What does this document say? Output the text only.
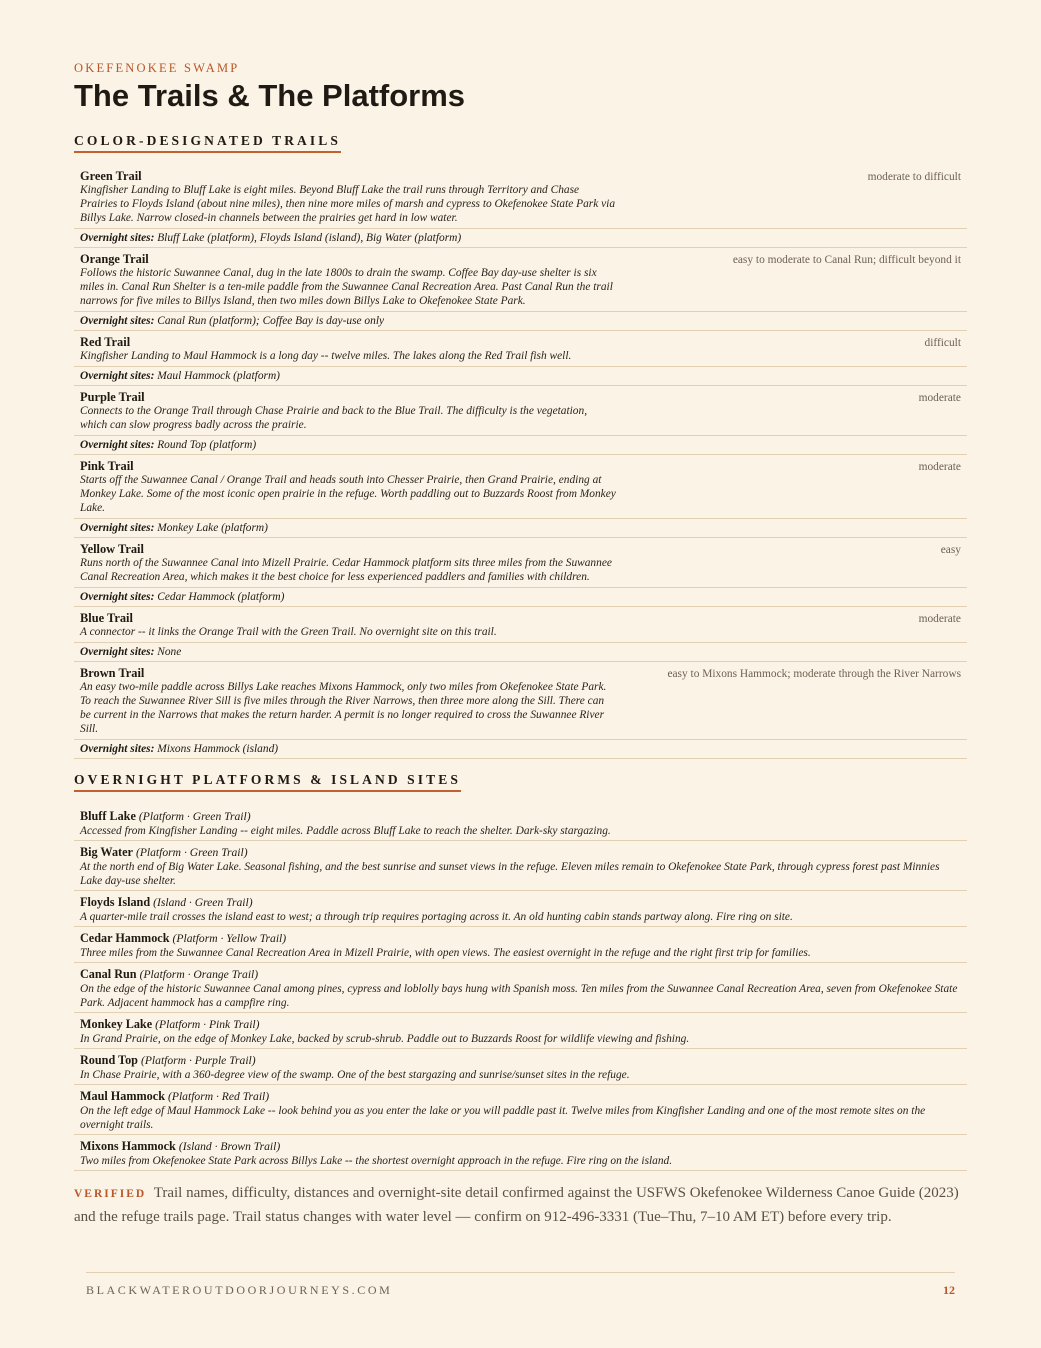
OKEFENOKEE SWAMP
The Trails & The Platforms
COLOR-DESIGNATED TRAILS
Green Trail	moderate to difficult
Kingfisher Landing to Bluff Lake is eight miles. Beyond Bluff Lake the trail runs through Territory and Chase Prairies to Floyds Island (about nine miles), then nine more miles of marsh and cypress to Okefenokee State Park via Billys Lake. Narrow closed-in channels between the prairies get hard in low water.
Overnight sites: Bluff Lake (platform), Floyds Island (island), Big Water (platform)
Orange Trail	easy to moderate to Canal Run; difficult beyond it
Follows the historic Suwannee Canal, dug in the late 1800s to drain the swamp. Coffee Bay day-use shelter is six miles in. Canal Run Shelter is a ten-mile paddle from the Suwannee Canal Recreation Area. Past Canal Run the trail narrows for five miles to Billys Island, then two miles down Billys Lake to Okefenokee State Park.
Overnight sites: Canal Run (platform); Coffee Bay is day-use only
Red Trail	difficult
Kingfisher Landing to Maul Hammock is a long day -- twelve miles. The lakes along the Red Trail fish well.
Overnight sites: Maul Hammock (platform)
Purple Trail	moderate
Connects to the Orange Trail through Chase Prairie and back to the Blue Trail. The difficulty is the vegetation, which can slow progress badly across the prairie.
Overnight sites: Round Top (platform)
Pink Trail	moderate
Starts off the Suwannee Canal / Orange Trail and heads south into Chesser Prairie, then Grand Prairie, ending at Monkey Lake. Some of the most iconic open prairie in the refuge. Worth paddling out to Buzzards Roost from Monkey Lake.
Overnight sites: Monkey Lake (platform)
Yellow Trail	easy
Runs north of the Suwannee Canal into Mizell Prairie. Cedar Hammock platform sits three miles from the Suwannee Canal Recreation Area, which makes it the best choice for less experienced paddlers and families with children.
Overnight sites: Cedar Hammock (platform)
Blue Trail	moderate
A connector -- it links the Orange Trail with the Green Trail. No overnight site on this trail.
Overnight sites: None
Brown Trail	easy to Mixons Hammock; moderate through the River Narrows
An easy two-mile paddle across Billys Lake reaches Mixons Hammock, only two miles from Okefenokee State Park. To reach the Suwannee River Sill is five miles through the River Narrows, then three more along the Sill. There can be current in the Narrows that makes the return harder. A permit is no longer required to cross the Suwannee River Sill.
Overnight sites: Mixons Hammock (island)
OVERNIGHT PLATFORMS & ISLAND SITES
Bluff Lake (Platform · Green Trail)
Accessed from Kingfisher Landing -- eight miles. Paddle across Bluff Lake to reach the shelter. Dark-sky stargazing.
Big Water (Platform · Green Trail)
At the north end of Big Water Lake. Seasonal fishing, and the best sunrise and sunset views in the refuge. Eleven miles remain to Okefenokee State Park, through cypress forest past Minnies Lake day-use shelter.
Floyds Island (Island · Green Trail)
A quarter-mile trail crosses the island east to west; a through trip requires portaging across it. An old hunting cabin stands partway along. Fire ring on site.
Cedar Hammock (Platform · Yellow Trail)
Three miles from the Suwannee Canal Recreation Area in Mizell Prairie, with open views. The easiest overnight in the refuge and the right first trip for families.
Canal Run (Platform · Orange Trail)
On the edge of the historic Suwannee Canal among pines, cypress and loblolly bays hung with Spanish moss. Ten miles from the Suwannee Canal Recreation Area, seven from Okefenokee State Park. Adjacent hammock has a campfire ring.
Monkey Lake (Platform · Pink Trail)
In Grand Prairie, on the edge of Monkey Lake, backed by scrub-shrub. Paddle out to Buzzards Roost for wildlife viewing and fishing.
Round Top (Platform · Purple Trail)
In Chase Prairie, with a 360-degree view of the swamp. One of the best stargazing and sunrise/sunset sites in the refuge.
Maul Hammock (Platform · Red Trail)
On the left edge of Maul Hammock Lake -- look behind you as you enter the lake or you will paddle past it. Twelve miles from Kingfisher Landing and one of the most remote sites on the overnight trails.
Mixons Hammock (Island · Brown Trail)
Two miles from Okefenokee State Park across Billys Lake -- the shortest overnight approach in the refuge. Fire ring on the island.

VERIFIED Trail names, difficulty, distances and overnight-site detail confirmed against the USFWS Okefenokee Wilderness Canoe Guide (2023) and the refuge trails page. Trail status changes with water level — confirm on 912-496-3331 (Tue–Thu, 7–10 AM ET) before every trip.

BLACKWATEROUTDOORJOURNEYS.COM	12
